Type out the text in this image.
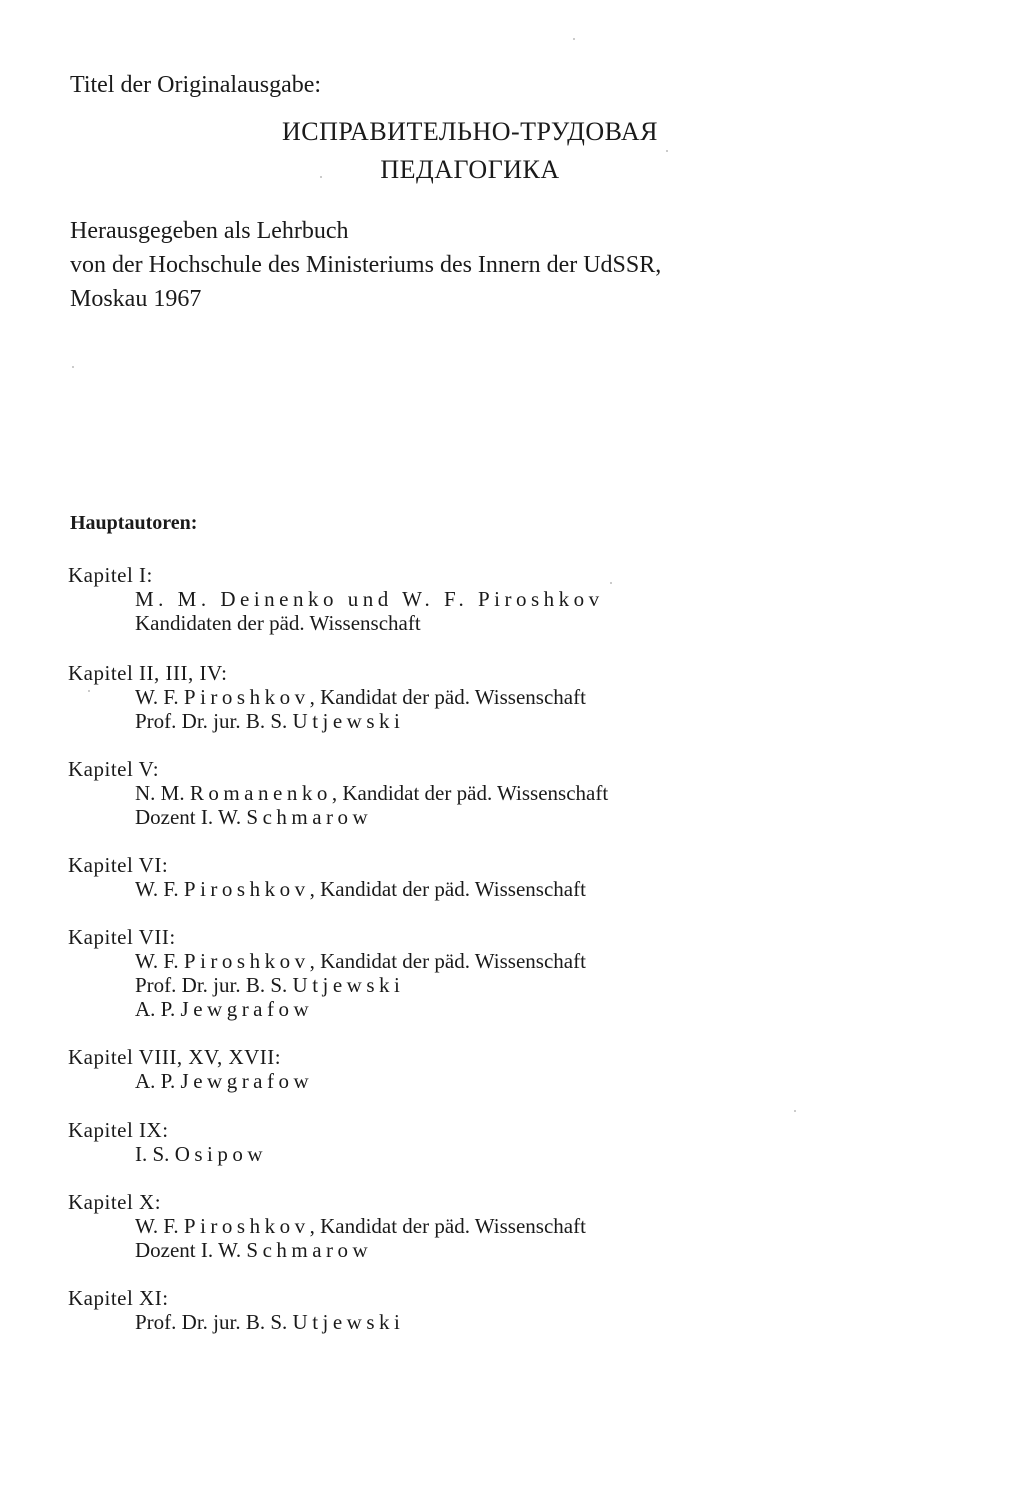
Titel der Originalausgabe:
ИСПРАВИТЕЛЬНО-ТРУДОВАЯ
ПЕДАГОГИКА
Herausgegeben als Lehrbuch
von der Hochschule des Ministeriums des Innern der UdSSR,
Moskau 1967
Hauptautoren:
Kapitel I:
M. M. Deinenko und W. F. Piroshkov
Kandidaten der päd. Wissenschaft
Kapitel II, III, IV:
W. F. Piroshkov, Kandidat der päd. Wissenschaft
Prof. Dr. jur. B. S. Utjewski
Kapitel V:
N. M. Romanenko, Kandidat der päd. Wissenschaft
Dozent I. W. Schmarow
Kapitel VI:
W. F. Piroshkov, Kandidat der päd. Wissenschaft
Kapitel VII:
W. F. Piroshkov, Kandidat der päd. Wissenschaft
Prof. Dr. jur. B. S. Utjewski
A. P. Jewgrafow
Kapitel VIII, XV, XVII:
A. P. Jewgrafow
Kapitel IX:
I. S. Osipow
Kapitel X:
W. F. Piroshkov, Kandidat der päd. Wissenschaft
Dozent I. W. Schmarow
Kapitel XI:
Prof. Dr. jur. B. S. Utjewski
